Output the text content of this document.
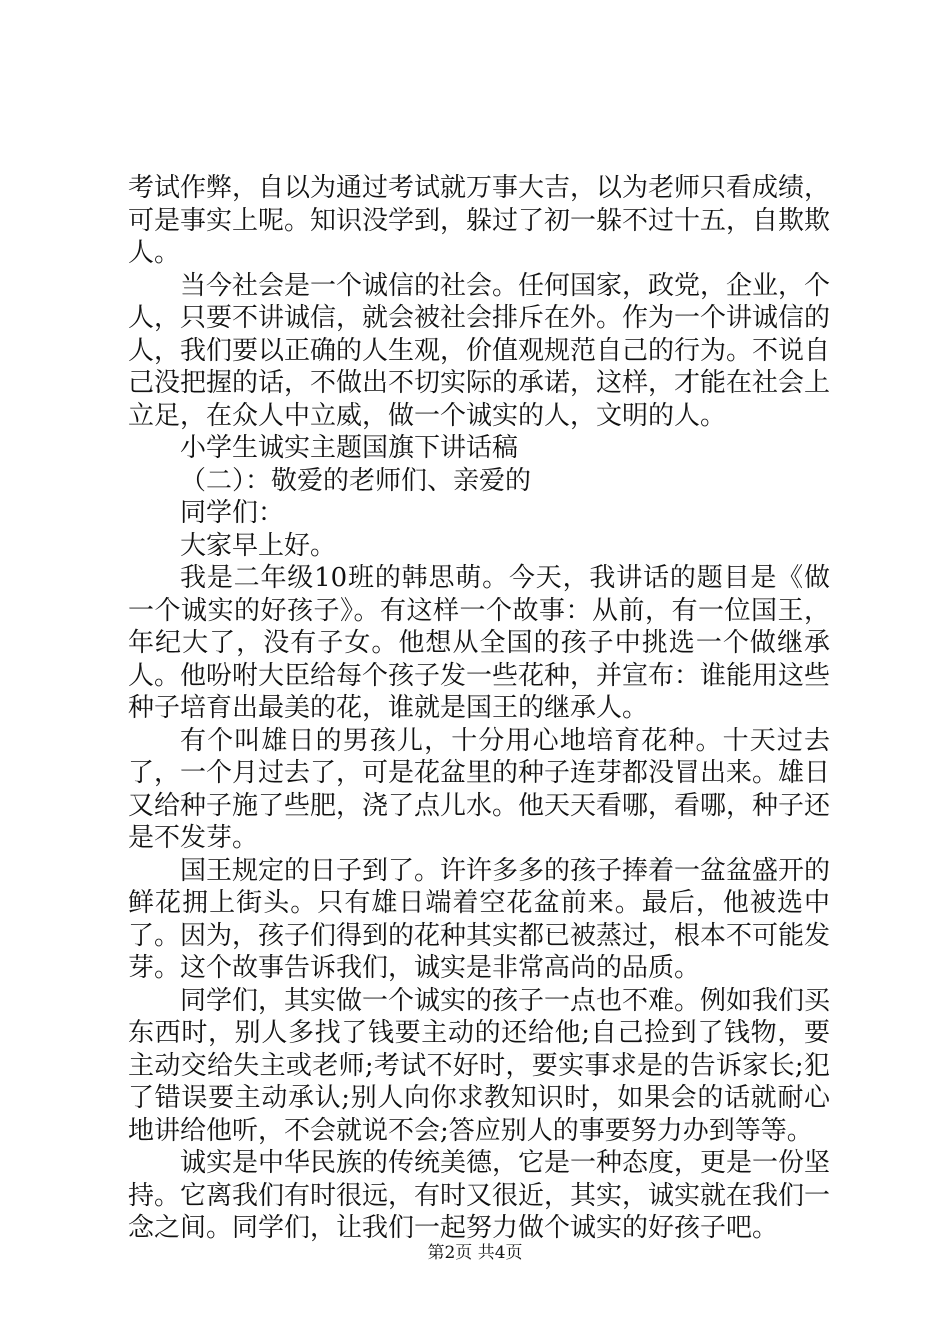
考试作弊，自以为通过考试就万事大吉，以为老师只看成绩，可是事实上呢。知识没学到，躲过了初一躲不过十五，自欺欺人。

当今社会是一个诚信的社会。任何国家，政党，企业，个人，只要不讲诚信，就会被社会排斥在外。作为一个讲诚信的人，我们要以正确的人生观，价值观规范自己的行为。不说自己没把握的话，不做出不切实际的承诺，这样，才能在社会上立足，在众人中立威，做一个诚实的人，文明的人。

小学生诚实主题国旗下讲话稿

（二）：敬爱的老师们、亲爱的

同学们：

大家早上好。

我是二年级10班的韩思萌。今天，我讲话的题目是《做一个诚实的好孩子》。有这样一个故事：从前，有一位国王，年纪大了，没有子女。他想从全国的孩子中挑选一个做继承人。他吩咐大臣给每个孩子发一些花种，并宣布：谁能用这些种子培育出最美的花，谁就是国王的继承人。

有个叫雄日的男孩儿，十分用心地培育花种。十天过去了，一个月过去了，可是花盆里的种子连芽都没冒出来。雄日又给种子施了些肥，浇了点儿水。他天天看哪，看哪，种子还是不发芽。

国王规定的日子到了。许许多多的孩子捧着一盆盆盛开的鲜花拥上街头。只有雄日端着空花盆前来。最后，他被选中了。因为，孩子们得到的花种其实都已被蒸过，根本不可能发芽。这个故事告诉我们，诚实是非常高尚的品质。

同学们，其实做一个诚实的孩子一点也不难。例如我们买东西时，别人多找了钱要主动的还给他;自己捡到了钱物，要主动交给失主或老师;考试不好时，要实事求是的告诉家长;犯了错误要主动承认;别人向你求教知识时，如果会的话就耐心地讲给他听，不会就说不会;答应别人的事要努力办到等等。

诚实是中华民族的传统美德，它是一种态度，更是一份坚持。它离我们有时很远，有时又很近，其实，诚实就在我们一念之间。同学们，让我们一起努力做个诚实的好孩子吧。

第2页 共4页
